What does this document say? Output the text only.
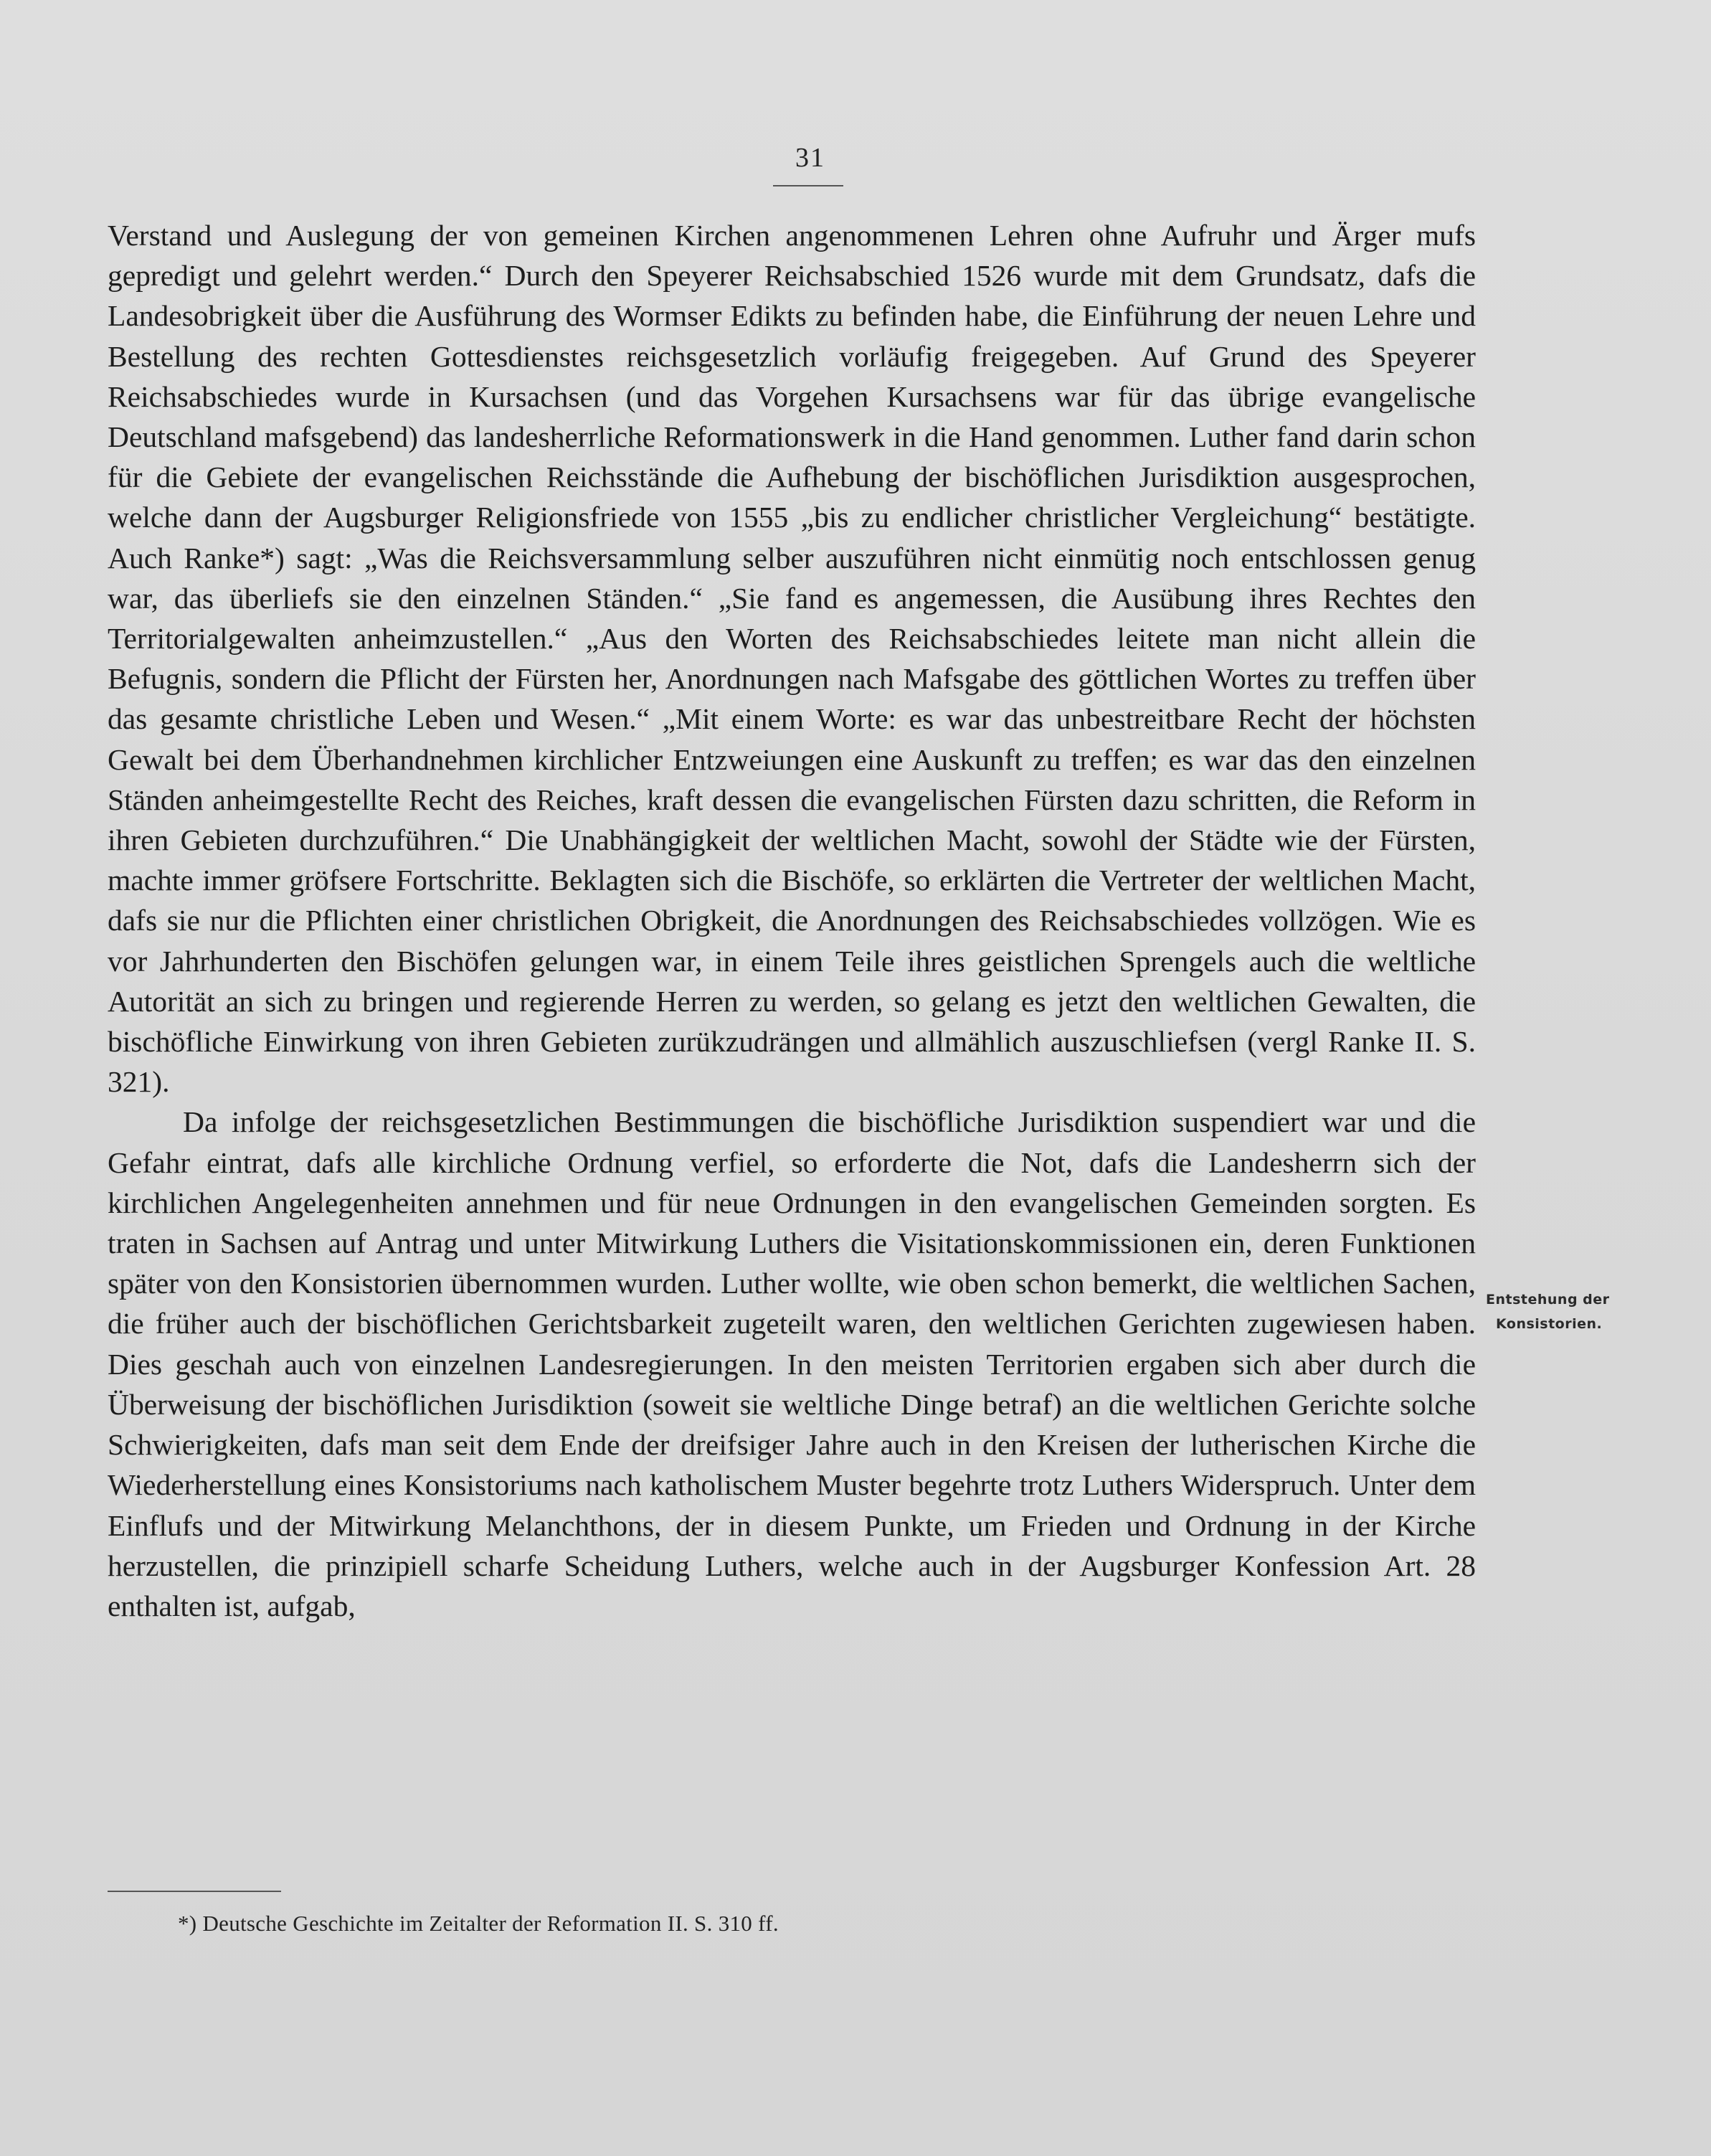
31

Verstand und Auslegung der von gemeinen Kirchen angenommenen Lehren ohne Aufruhr und Ärger mufs gepredigt und gelehrt werden.“ Durch den Speyerer Reichsabschied 1526 wurde mit dem Grundsatz, dafs die Landesobrigkeit über die Ausführung des Wormser Edikts zu befinden habe, die Einführung der neuen Lehre und Bestellung des rechten Gottesdienstes reichsgesetzlich vorläufig freigegeben. Auf Grund des Speyerer Reichsabschiedes wurde in Kursachsen (und das Vorgehen Kursachsens war für das übrige evangelische Deutschland mafsgebend) das landesherrliche Reformationswerk in die Hand genommen. Luther fand darin schon für die Gebiete der evangelischen Reichsstände die Aufhebung der bischöflichen Jurisdiktion ausgesprochen, welche dann der Augsburger Religionsfriede von 1555 „bis zu endlicher christlicher Vergleichung“ bestätigte. Auch Ranke*) sagt: „Was die Reichsversammlung selber auszuführen nicht einmütig noch entschlossen genug war, das überliefs sie den einzelnen Ständen.“ „Sie fand es angemessen, die Ausübung ihres Rechtes den Territorialgewalten anheimzustellen.“ „Aus den Worten des Reichsabschiedes leitete man nicht allein die Befugnis, sondern die Pflicht der Fürsten her, Anordnungen nach Mafsgabe des göttlichen Wortes zu treffen über das gesamte christliche Leben und Wesen.“ „Mit einem Worte: es war das unbestreitbare Recht der höchsten Gewalt bei dem Überhandnehmen kirchlicher Entzweiungen eine Auskunft zu treffen; es war das den einzelnen Ständen anheimgestellte Recht des Reiches, kraft dessen die evangelischen Fürsten dazu schritten, die Reform in ihren Gebieten durchzuführen.“ Die Unabhängigkeit der weltlichen Macht, sowohl der Städte wie der Fürsten, machte immer gröfsere Fortschritte. Beklagten sich die Bischöfe, so erklärten die Vertreter der weltlichen Macht, dafs sie nur die Pflichten einer christlichen Obrigkeit, die Anordnungen des Reichsabschiedes vollzögen. Wie es vor Jahrhunderten den Bischöfen gelungen war, in einem Teile ihres geistlichen Sprengels auch die weltliche Autorität an sich zu bringen und regierende Herren zu werden, so gelang es jetzt den weltlichen Gewalten, die bischöfliche Einwirkung von ihren Gebieten zurükzudrängen und allmählich auszuschliefsen (vergl Ranke II. S. 321).

Da infolge der reichsgesetzlichen Bestimmungen die bischöfliche Jurisdiktion suspendiert war und die Gefahr eintrat, dafs alle kirchliche Ordnung verfiel, so erforderte die Not, dafs die Landesherrn sich der kirchlichen Angelegenheiten annehmen und für neue Ordnungen in den evangelischen Gemeinden sorgten. Es traten in Sachsen auf Antrag und unter Mitwirkung Luthers die Visitationskommissionen ein, deren Funktionen später von den Konsistorien übernommen wurden. Luther wollte, wie oben schon bemerkt, die weltlichen Sachen, die früher auch der bischöflichen Gerichtsbarkeit zugeteilt waren, den weltlichen Gerichten zugewiesen haben. Dies geschah auch von einzelnen Landesregierungen. In den meisten Territorien ergaben sich aber durch die Überweisung der bischöflichen Jurisdiktion (soweit sie weltliche Dinge betraf) an die weltlichen Gerichte solche Schwierigkeiten, dafs man seit dem Ende der dreifsiger Jahre auch in den Kreisen der lutherischen Kirche die Wiederherstellung eines Konsistoriums nach katholischem Muster begehrte trotz Luthers Widerspruch. Unter dem Einflufs und der Mitwirkung Melanchthons, der in diesem Punkte, um Frieden und Ordnung in der Kirche herzustellen, die prinzipiell scharfe Scheidung Luthers, welche auch in der Augsburger Konfession Art. 28 enthalten ist, aufgab,

Entstehung der
Konsistorien.
*) Deutsche Geschichte im Zeitalter der Reformation II. S. 310 ff.
